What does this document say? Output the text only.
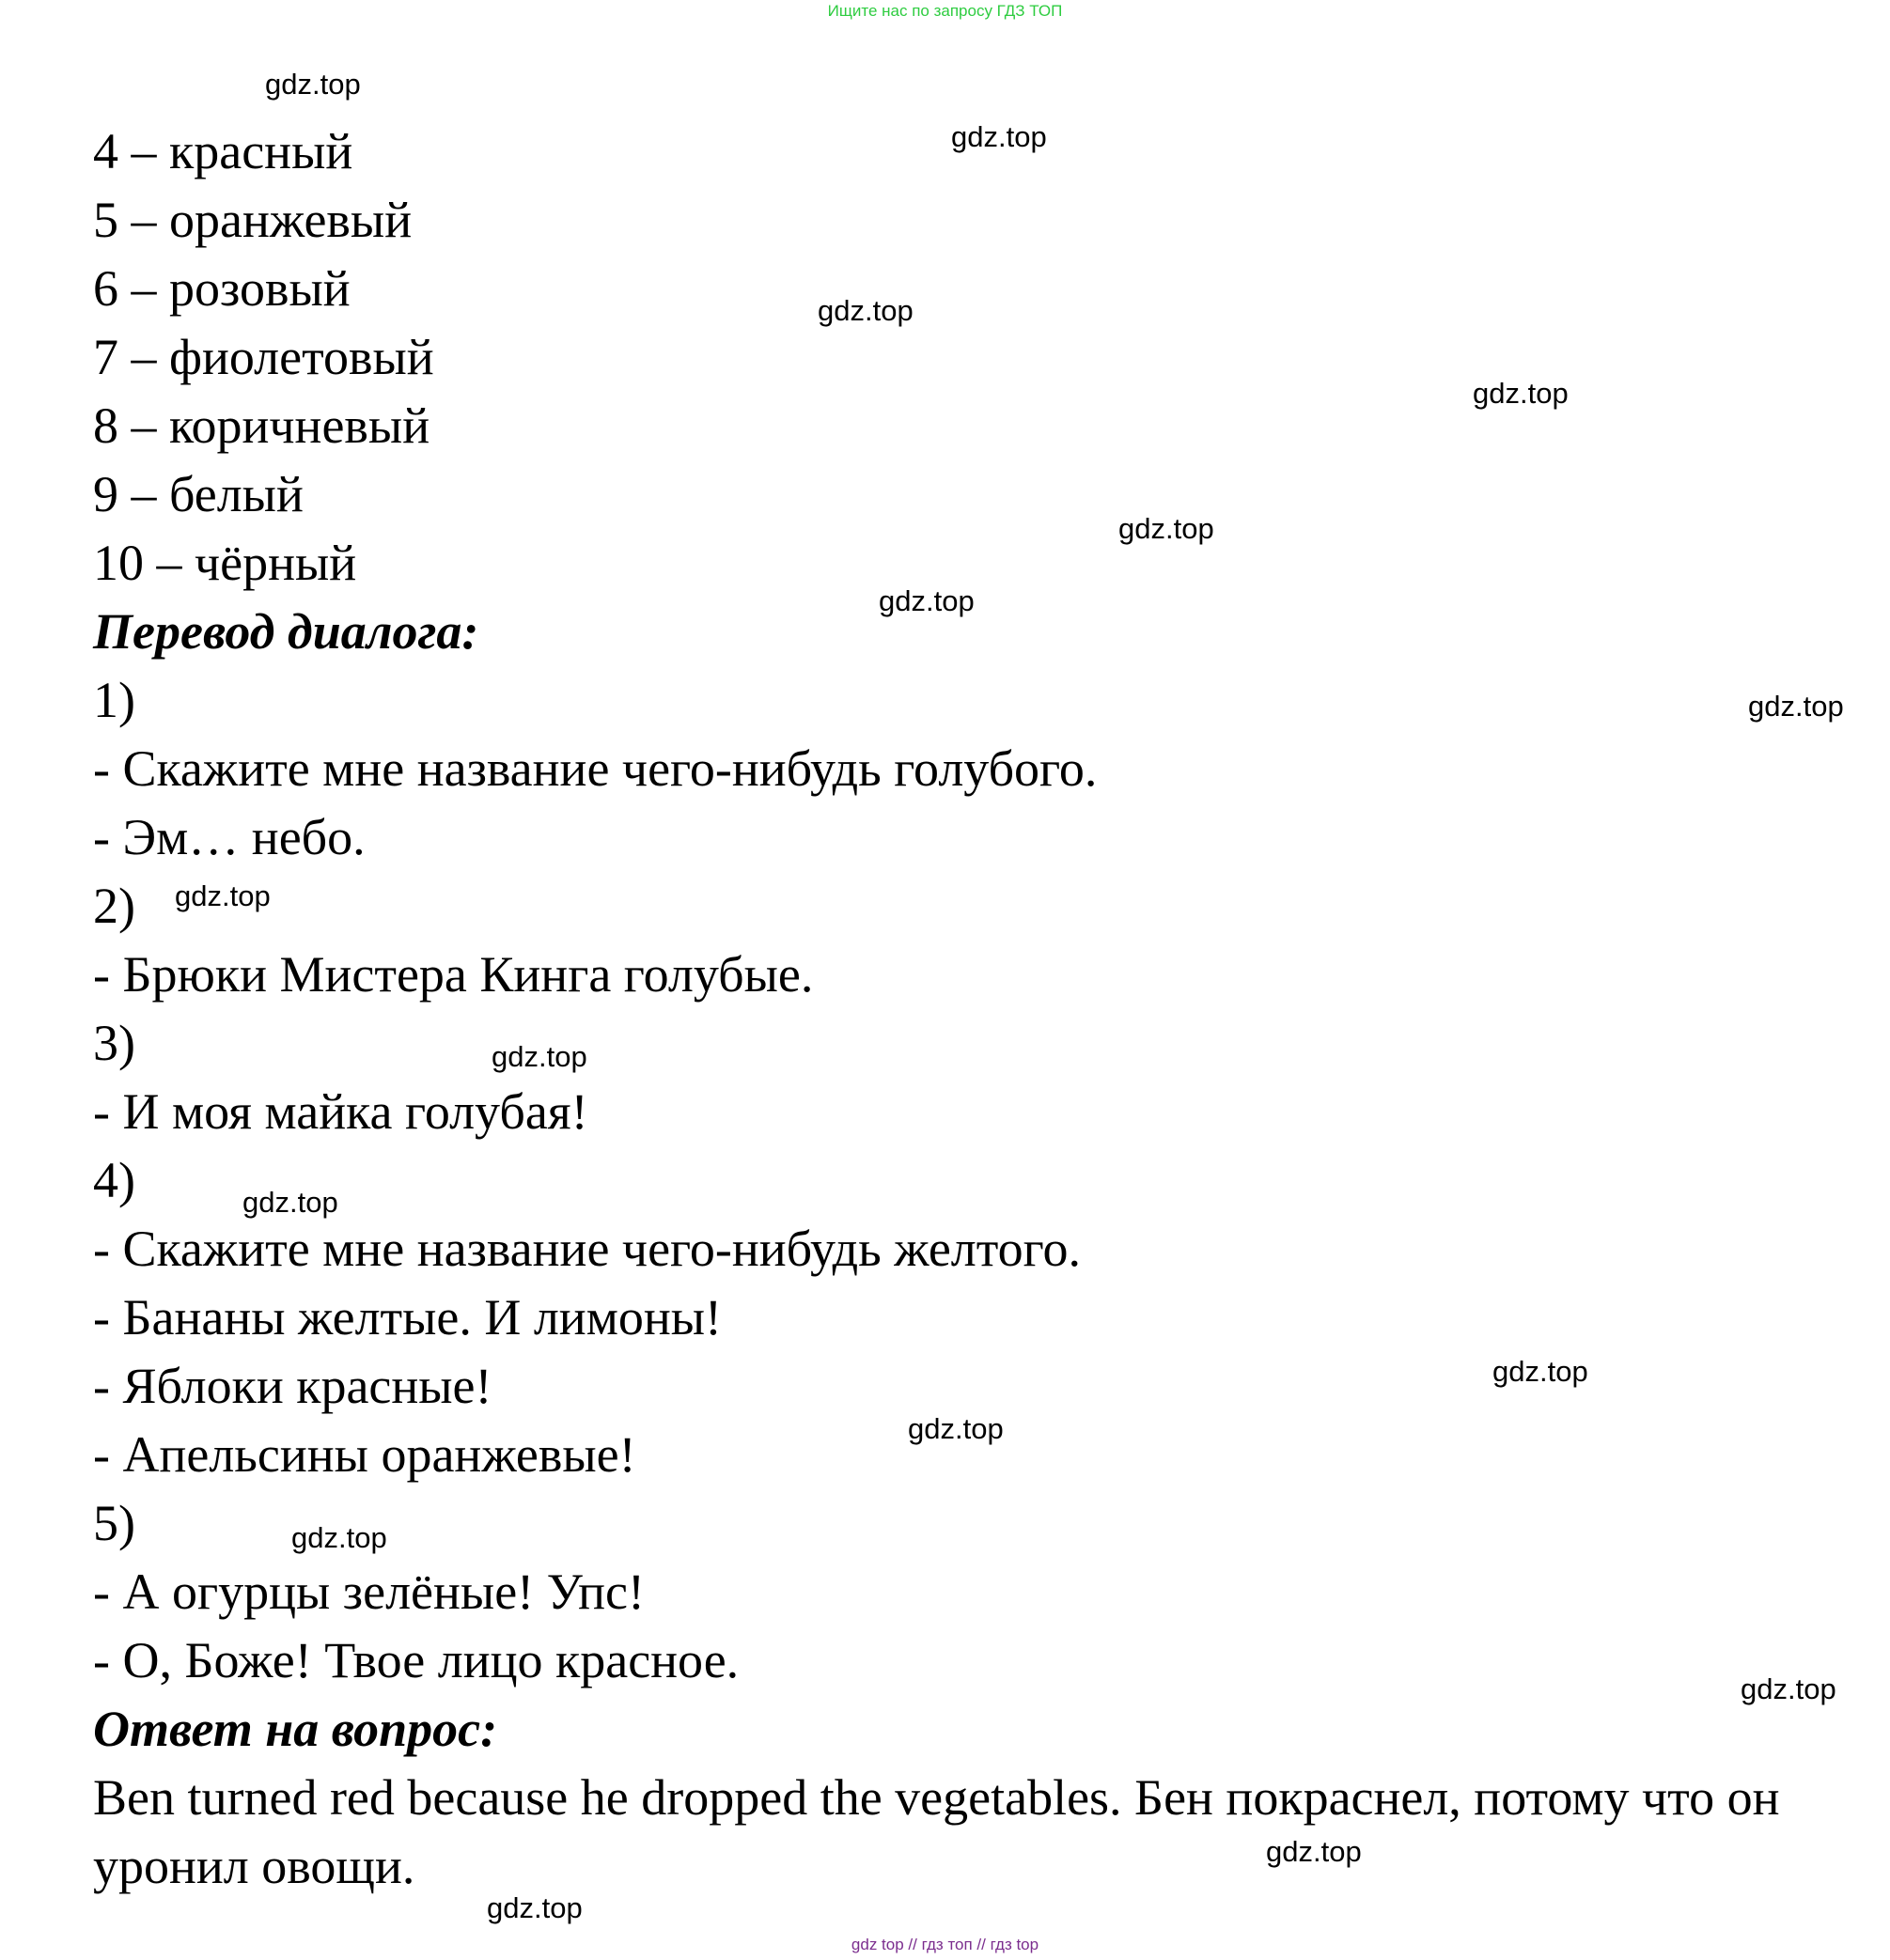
Ищите нас по запросу ГДЗ ТОП
4 – красный
5 – оранжевый
6 – розовый
7 – фиолетовый
8 – коричневый
9 – белый
10 – чёрный
Перевод диалога:
1)
- Скажите мне название чего-нибудь голубого.
- Эм… небо.
2)
- Брюки Мистера Кинга голубые.
3)
- И моя майка голубая!
4)
- Скажите мне название чего-нибудь желтого.
- Бананы желтые. И лимоны!
- Яблоки красные!
- Апельсины оранжевые!
5)
- А огурцы зелёные! Упс!
- О, Боже! Твое лицо красное.
Ответ на вопрос:
Ben turned red because he dropped the vegetables. Бен покраснел, потому что он уронил овощи.
gdz.top
gdz.top
gdz.top
gdz.top
gdz.top
gdz.top
gdz.top
gdz.top
gdz.top
gdz.top
gdz.top
gdz.top
gdz.top
gdz.top
gdz.top
gdz.top
gdz top // гдз топ // гдз top
